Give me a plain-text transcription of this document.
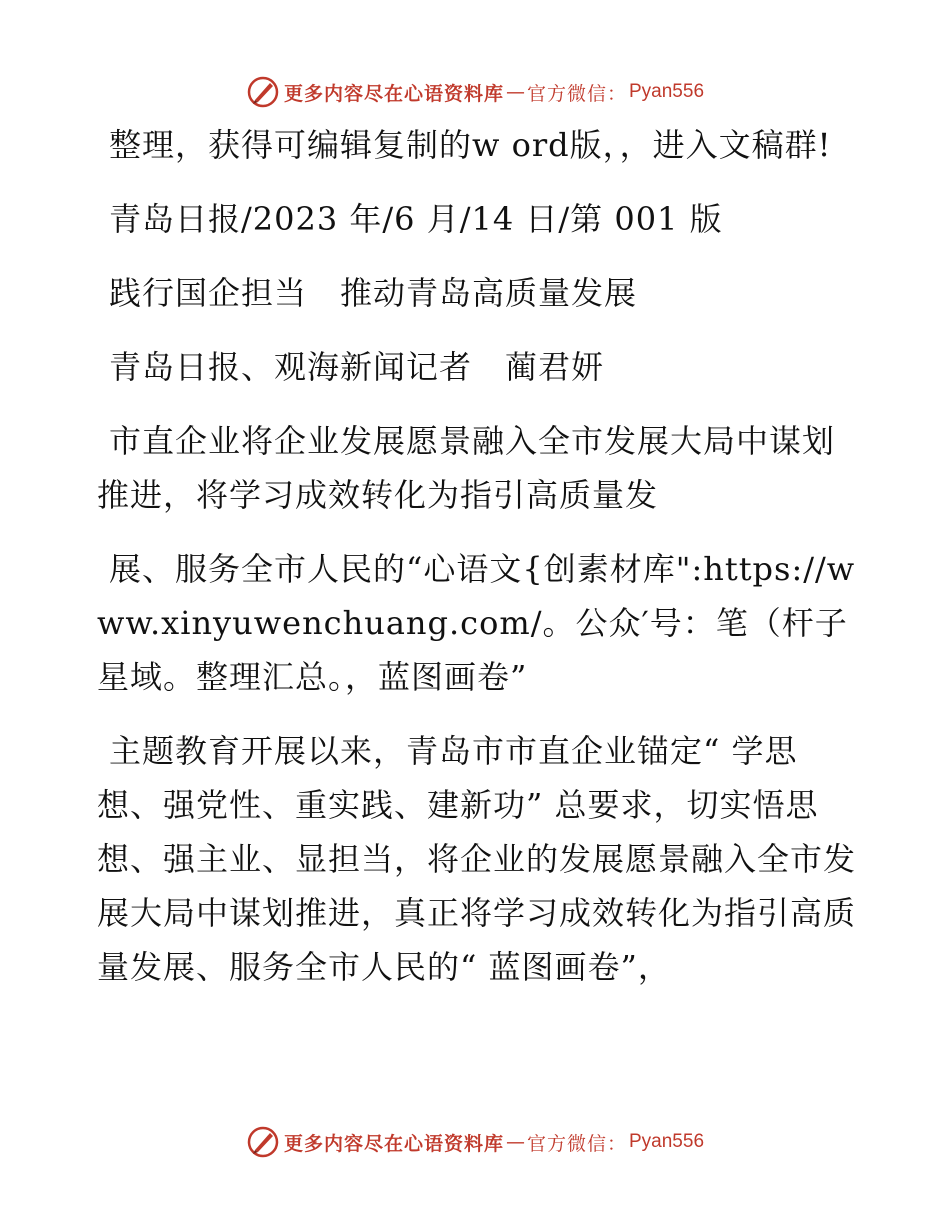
更多内容尽在心语资料库 — 官方微信： Pyan556

整理，获得可编辑复制的w ord版，，进入文稿群!

青岛日报/2023 年/6 月/14 日/第 001 版

践行国企担当　推动青岛高质量发展

青岛日报、观海新闻记者　蔺君妍

市直企业将企业发展愿景融入全市发展大局中谋划推进，将学习成效转化为指引高质量发

展、服务全市人民的“心语文{创素材库":https://www.xinyuwenchuang.com/。公众′号：笔（杆子星域。整理汇总。，蓝图画卷”

主题教育开展以来，青岛市市直企业锚定“ 学思想、强党性、重实践、建新功” 总要求，切实悟思想、强主业、显担当，将企业的发展愿景融入全市发展大局中谋划推进，真正将学习成效转化为指引高质量发展、服务全市人民的“ 蓝图画卷”，

更多内容尽在心语资料库 — 官方微信： Pyan556
